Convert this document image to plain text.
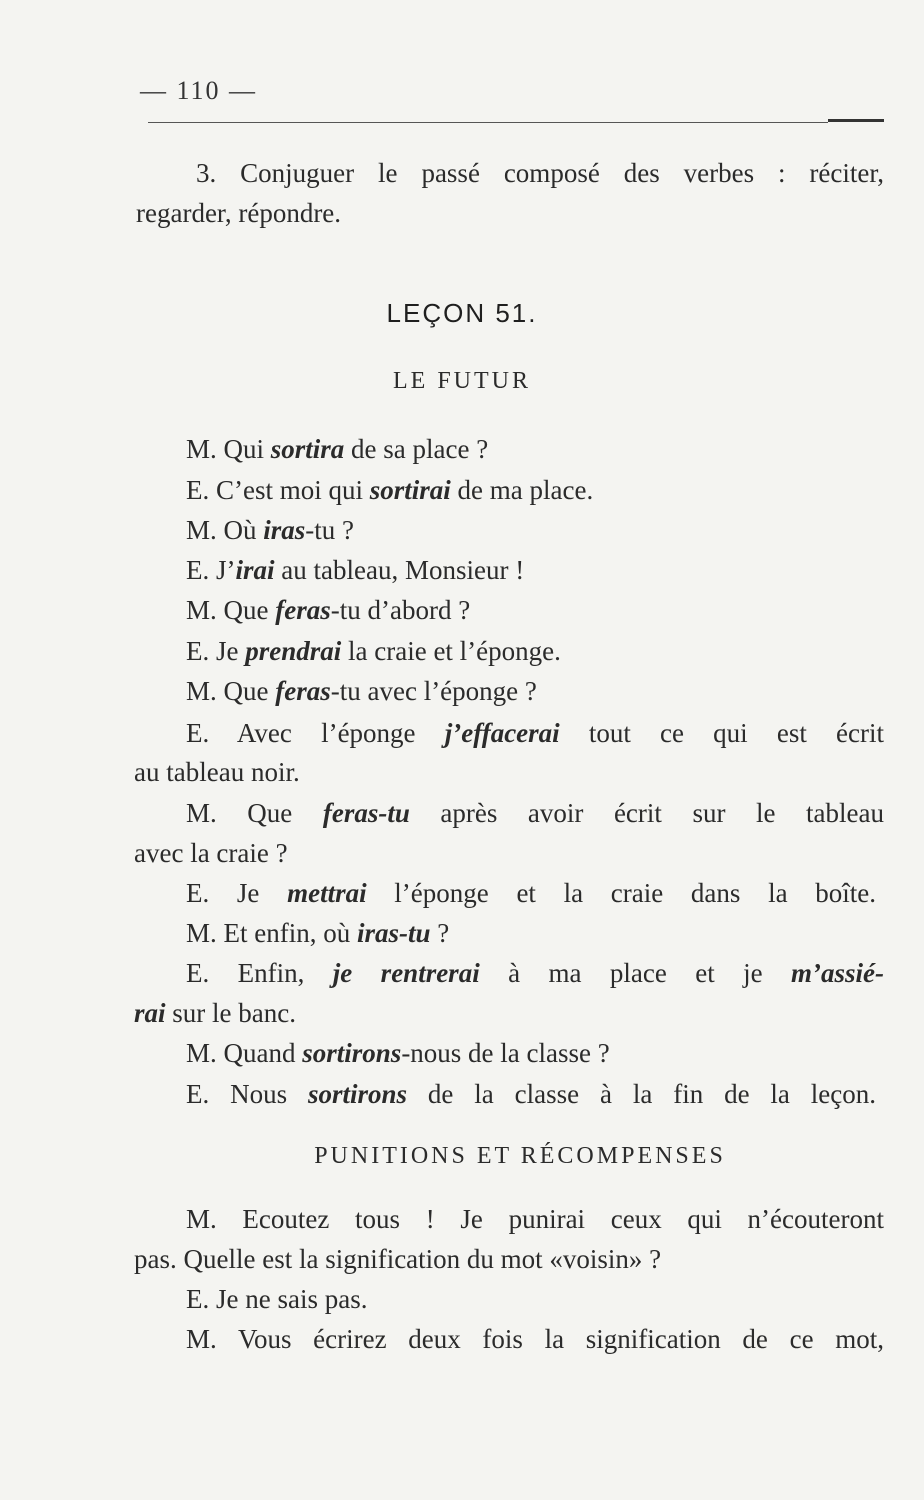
— 110 —
3. Conjuguer le passé composé des verbes : réciter,
regarder, répondre.
LEÇON 51.
LE FUTUR
M. Qui sortira de sa place ?
E. C’est moi qui sortirai de ma place.
M. Où iras-tu ?
E. J’irai au tableau, Monsieur !
M. Que feras-tu d’abord ?
E. Je prendrai la craie et l’éponge.
M. Que feras-tu avec l’éponge ?
E. Avec l’éponge j’effacerai tout ce qui est écrit
au tableau noir.
M. Que feras-tu après avoir écrit sur le tableau
avec la craie ?
E. Je mettrai l’éponge et la craie dans la boîte.
M. Et enfin, où iras-tu ?
E. Enfin, je rentrerai à ma place et je m’assié-
rai sur le banc.
M. Quand sortirons-nous de la classe ?
E. Nous sortirons de la classe à la fin de la leçon.
PUNITIONS ET RÉCOMPENSES
M. Ecoutez tous ! Je punirai ceux qui n’écouteront
pas. Quelle est la signification du mot «voisin» ?
E. Je ne sais pas.
M. Vous écrirez deux fois la signification de ce mot,
